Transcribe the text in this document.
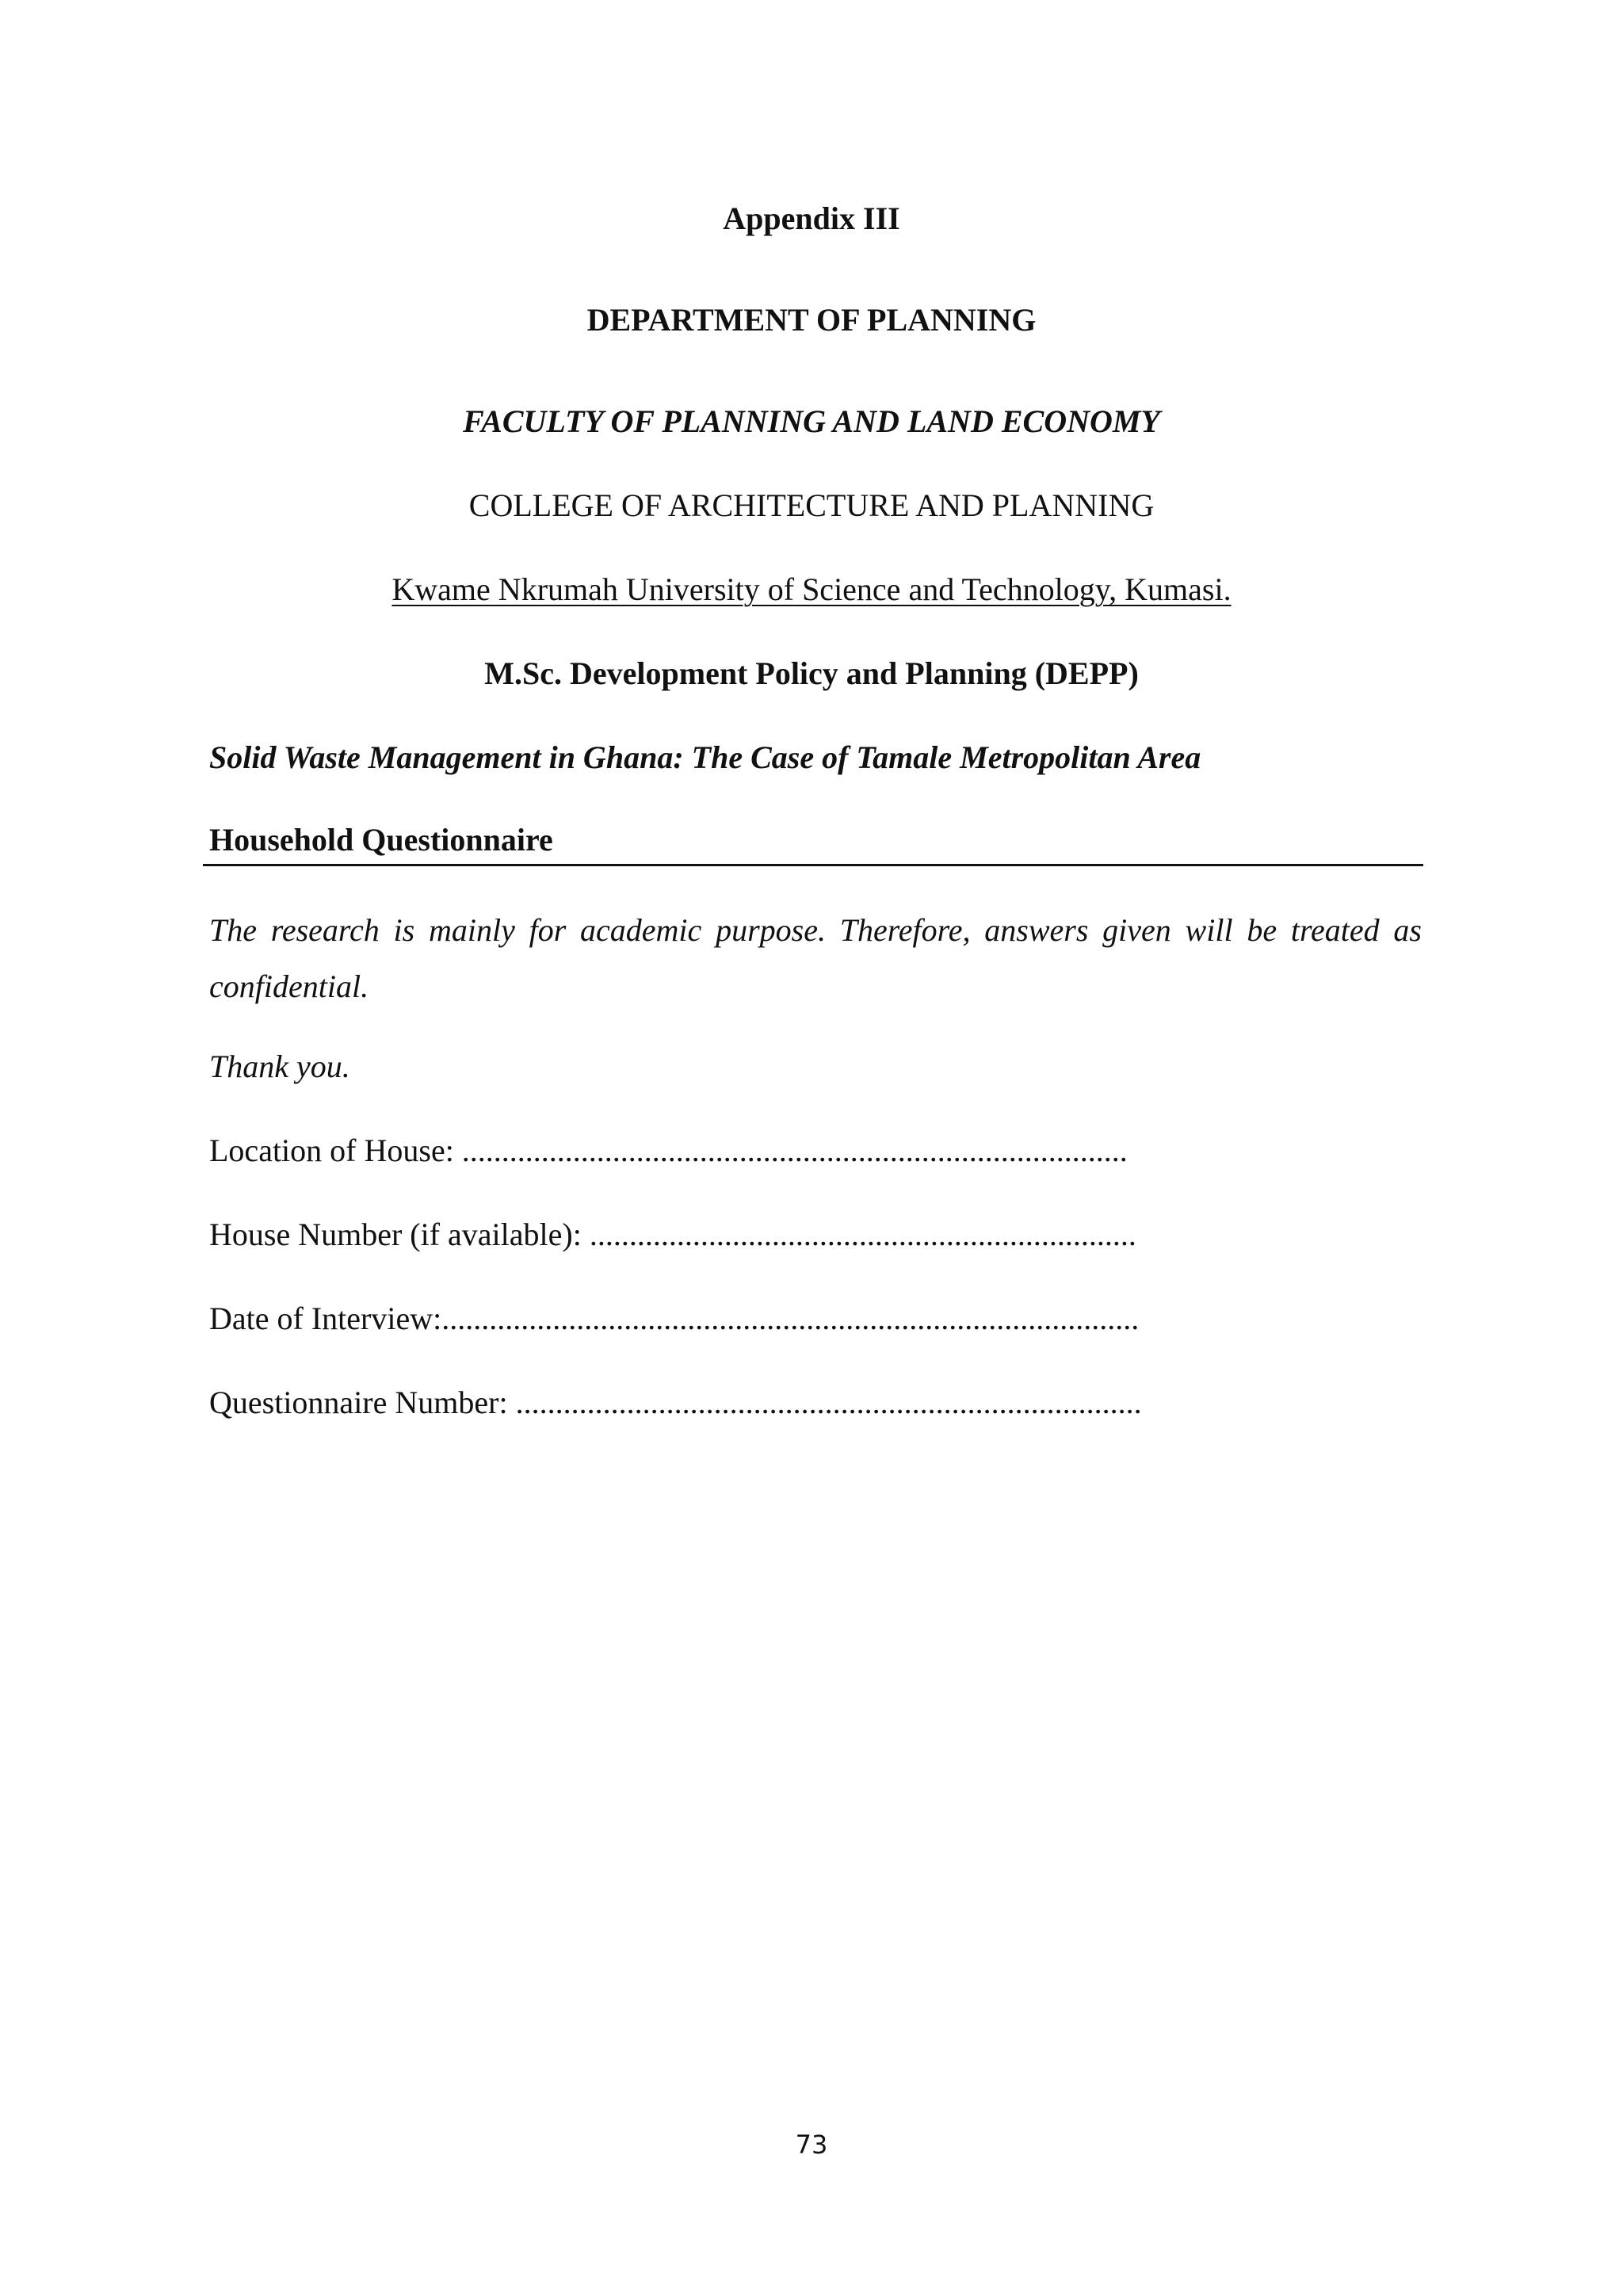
Appendix III
DEPARTMENT OF PLANNING
FACULTY OF PLANNING AND LAND ECONOMY
COLLEGE OF ARCHITECTURE AND PLANNING
Kwame Nkrumah University of Science and Technology, Kumasi.
M.Sc. Development Policy and Planning (DEPP)
Solid Waste Management in Ghana: The Case of Tamale Metropolitan Area
Household Questionnaire
The research is mainly for academic purpose. Therefore, answers given will be treated as confidential.
Thank you.
Location of House: ....................................................................................
House Number (if available): .....................................................................
Date of Interview:........................................................................................
Questionnaire Number: ...............................................................................
73
